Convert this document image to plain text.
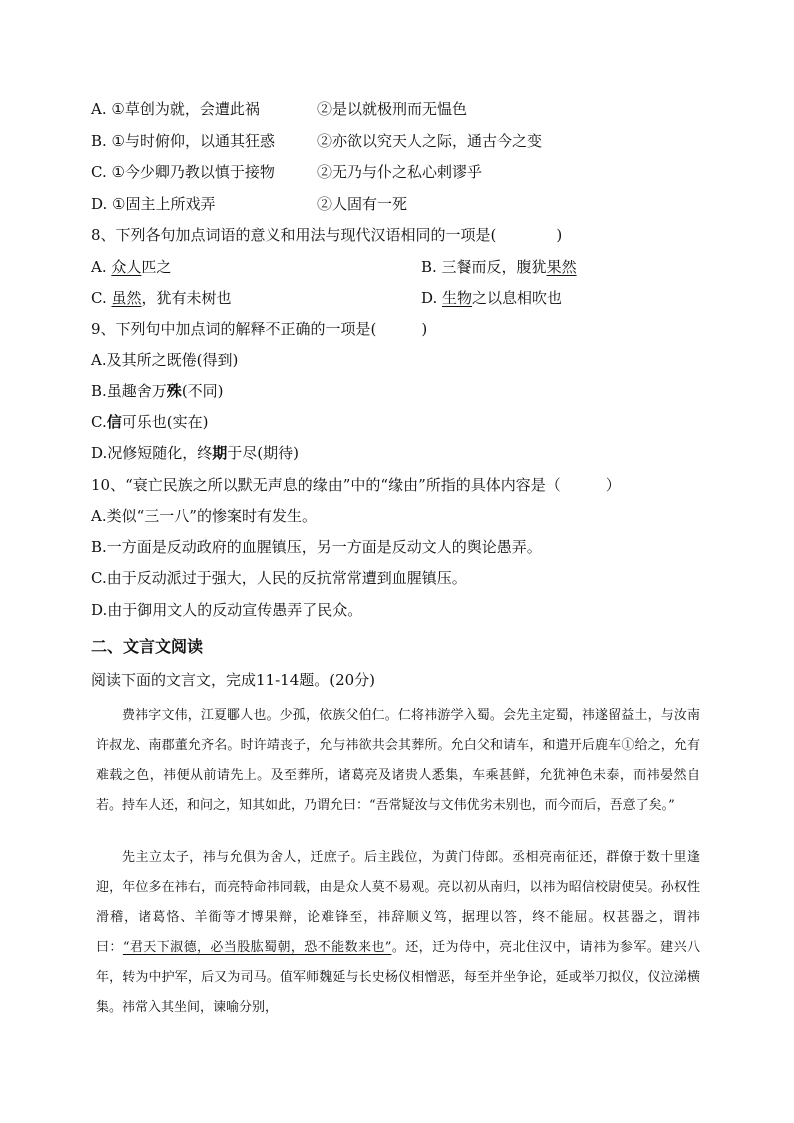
A. ①草创为就，会遭此祸	②是以就极刑而无愠色
B. ①与时俯仰，以通其狂惑	②亦欲以究天人之际，通古今之变
C. ①今少卿乃教以慎于接物	②无乃与仆之私心剌谬乎
D. ①固主上所戏弄	②人固有一死
8、下列各句加点词语的意义和用法与现代汉语相同的一项是(　　　　)
A. 众人匹之	B. 三餐而反，腹犹果然
C. 虽然，犹有未树也	D. 生物之以息相吹也
9、下列句中加点词的解释不正确的一项是(　　　)
A.及其所之既倦(得到)
B.虽趣舍万殊(不同)
C.信可乐也(实在)
D.况修短随化，终期于尽(期待)
10、“衰亡民族之所以默无声息的缘由”中的“缘由”所指的具体内容是（　　　）
A.类似“三一八”的惨案时有发生。
B.一方面是反动政府的血腥镇压，另一方面是反动文人的舆论愚弄。
C.由于反动派过于强大，人民的反抗常常遭到血腥镇压。
D.由于御用文人的反动宣传愚弄了民众。
二、文言文阅读
阅读下面的文言文，完成11-14题。(20分)
费祎字文伟，江夏鄳人也。少孤，依族父伯仁。仁将祎游学入蜀。会先主定蜀，祎遂留益土，与汝南许叔龙、南郡董允齐名。时许靖丧子，允与祎欲共会其葬所。允白父和请车，和遣开后鹿车①给之，允有难载之色，祎便从前请先上。及至葬所，诸葛亮及诸贵人悉集，车乘甚鲜，允犹神色未泰，而祎晏然自若。持车人还，和问之，知其如此，乃谓允曰：“吾常疑汝与文伟优劣未别也，而今而后，吾意了矣。”
先主立太子，祎与允俱为舍人，迁庶子。后主践位，为黄门侍郎。丞相亮南征还，群僚于数十里逢迎，年位多在祎右，而亮特命祎同载，由是众人莫不易观。亮以初从南归，以祎为昭信校尉使吴。孙权性滑稽，诸葛恪、羊衜等才博果辩，论难锋至，祎辞顺义笃，据理以答，终不能屈。权甚器之，谓祎曰：“君天下淑德，必当股肱蜀朝，恐不能数来也”。还，迁为侍中，亮北住汉中，请祎为参军。建兴八年，转为中护军，后又为司马。值军师魏延与长史杨仪相憎恶，每至并坐争论，延或举刀拟仪，仪泣涕横集。祎常入其坐间，谏喻分别，
